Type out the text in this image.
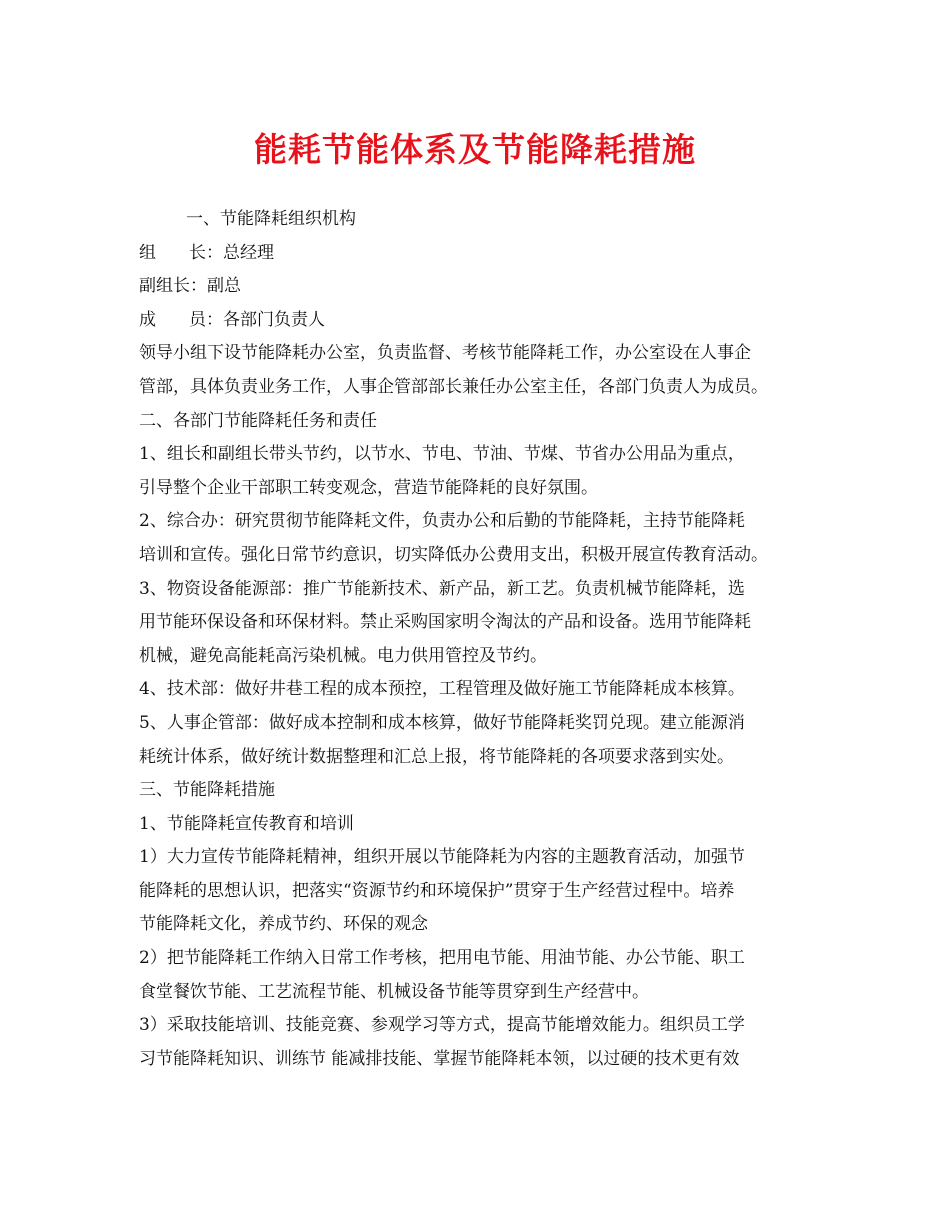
能耗节能体系及节能降耗措施
一、节能降耗组织机构
组 长：总经理
副组长：副总
成 员：各部门负责人
领导小组下设节能降耗办公室，负责监督、考核节能降耗工作，办公室设在人事企
管部，具体负责业务工作，人事企管部部长兼任办公室主任，各部门负责人为成员。
二、各部门节能降耗任务和责任
1、组长和副组长带头节约，以节水、节电、节油、节煤、节省办公用品为重点，
引导整个企业干部职工转变观念，营造节能降耗的良好氛围。
2、综合办：研究贯彻节能降耗文件，负责办公和后勤的节能降耗，主持节能降耗
培训和宣传。强化日常节约意识，切实降低办公费用支出，积极开展宣传教育活动。
3、物资设备能源部：推广节能新技术、新产品，新工艺。负责机械节能降耗，选
用节能环保设备和环保材料。禁止采购国家明令淘汰的产品和设备。选用节能降耗
机械，避免高能耗高污染机械。电力供用管控及节约。
4、技术部：做好井巷工程的成本预控，工程管理及做好施工节能降耗成本核算。
5、人事企管部：做好成本控制和成本核算，做好节能降耗奖罚兑现。建立能源消
耗统计体系，做好统计数据整理和汇总上报，将节能降耗的各项要求落到实处。
三、节能降耗措施
1、节能降耗宣传教育和培训
1）大力宣传节能降耗精神，组织开展以节能降耗为内容的主题教育活动，加强节
能降耗的思想认识，把落实“资源节约和环境保护”贯穿于生产经营过程中。培养
节能降耗文化，养成节约、环保的观念
2）把节能降耗工作纳入日常工作考核，把用电节能、用油节能、办公节能、职工
食堂餐饮节能、工艺流程节能、机械设备节能等贯穿到生产经营中。
3）采取技能培训、技能竞赛、参观学习等方式，提高节能增效能力。组织员工学
习节能降耗知识、训练节 能减排技能、掌握节能降耗本领，以过硬的技术更有效
